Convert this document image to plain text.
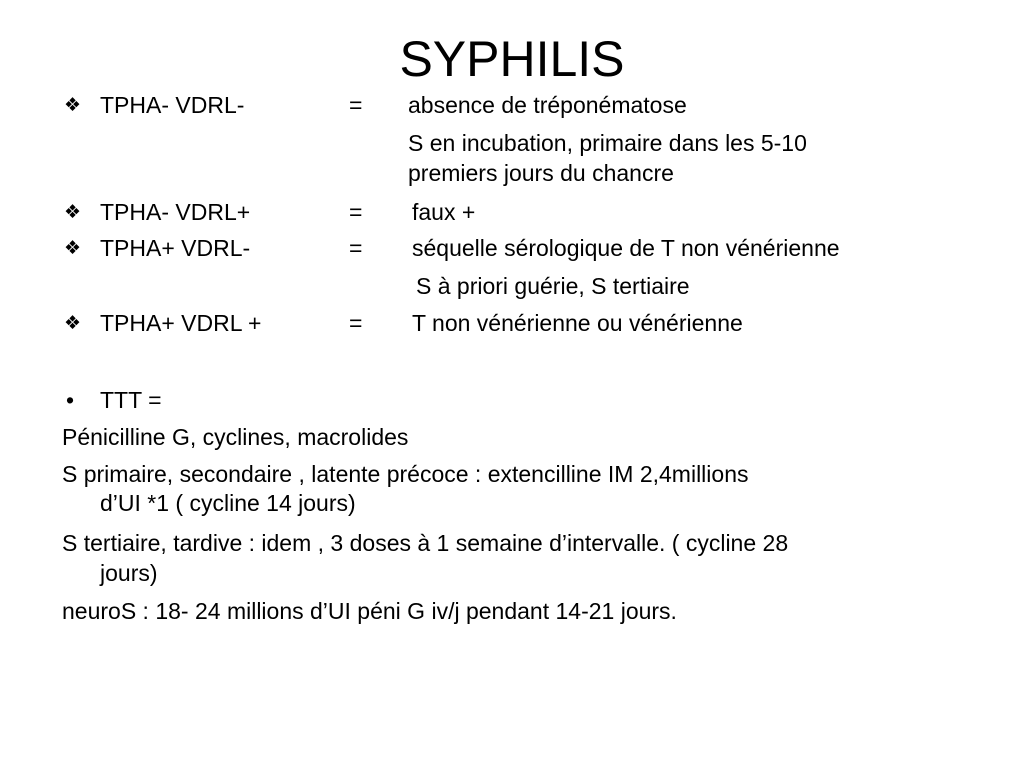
SYPHILIS
❖ TPHA- VDRL-	= absence de tréponématose
S en incubation, primaire dans les 5-10
premiers jours du chancre
❖ TPHA- VDRL+	= faux +
❖ TPHA+ VDRL-	= séquelle sérologique de T non vénérienne
S à priori guérie, S tertiaire
❖ TPHA+ VDRL +	= T non vénérienne ou vénérienne
• TTT =
Pénicilline G, cyclines, macrolides
S primaire, secondaire , latente précoce : extencilline IM 2,4millions
d’UI *1 ( cycline 14 jours)
S tertiaire, tardive : idem , 3 doses à 1 semaine d’intervalle. ( cycline 28
jours)
neuroS : 18- 24 millions d’UI péni G iv/j pendant 14-21 jours.
